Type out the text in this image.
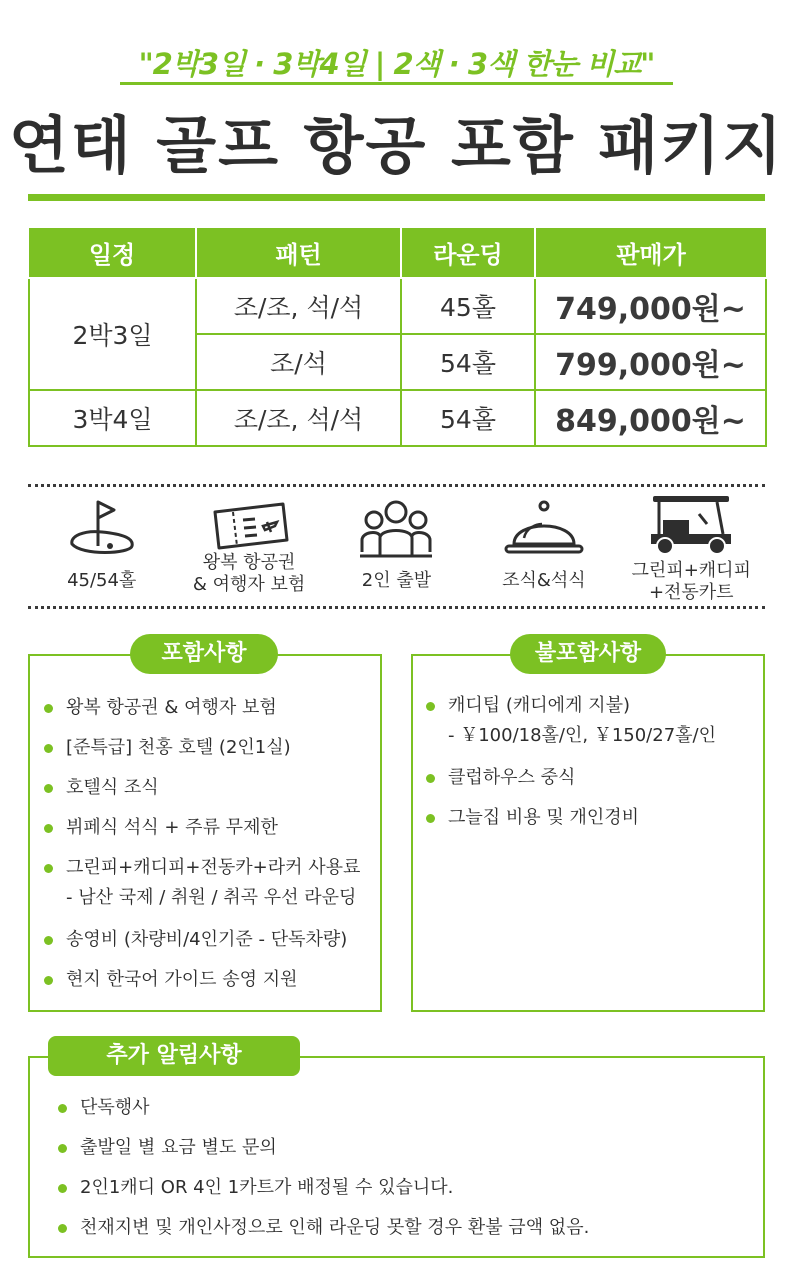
"2박3일 · 3박4일 | 2색 · 3색 한눈 비교"
연태 골프 항공 포함 패키지
일정	패턴	라운딩	판매가
2박3일	조/조, 석/석	45홀	749,000원~
	조/석	54홀	799,000원~
3박4일	조/조, 석/석	54홀	849,000원~
45/54홀
왕복 항공권
& 여행자 보험	2인 출발	조식&석식	그린피+캐디피
+전동카트
포함사항
왕복 항공권 & 여행자 보험
[준특급] 천홍 호텔 (2인1실)
호텔식 조식
뷔페식 석식 + 주류 무제한
그린피+캐디피+전동카+라커 사용료
- 남산 국제 / 취원 / 취곡 우선 라운딩
송영비 (차량비/4인기준 - 단독차량)
현지 한국어 가이드 송영 지원
불포함사항
캐디팁 (캐디에게 지불)
- ￥100/18홀/인, ￥150/27홀/인
클럽하우스 중식
그늘집 비용 및 개인경비
추가 알림사항
단독행사
출발일 별 요금 별도 문의
2인1캐디 OR 4인 1카트가 배정될 수 있습니다.
천재지변 및 개인사정으로 인해 라운딩 못할 경우 환불 금액 없음.
